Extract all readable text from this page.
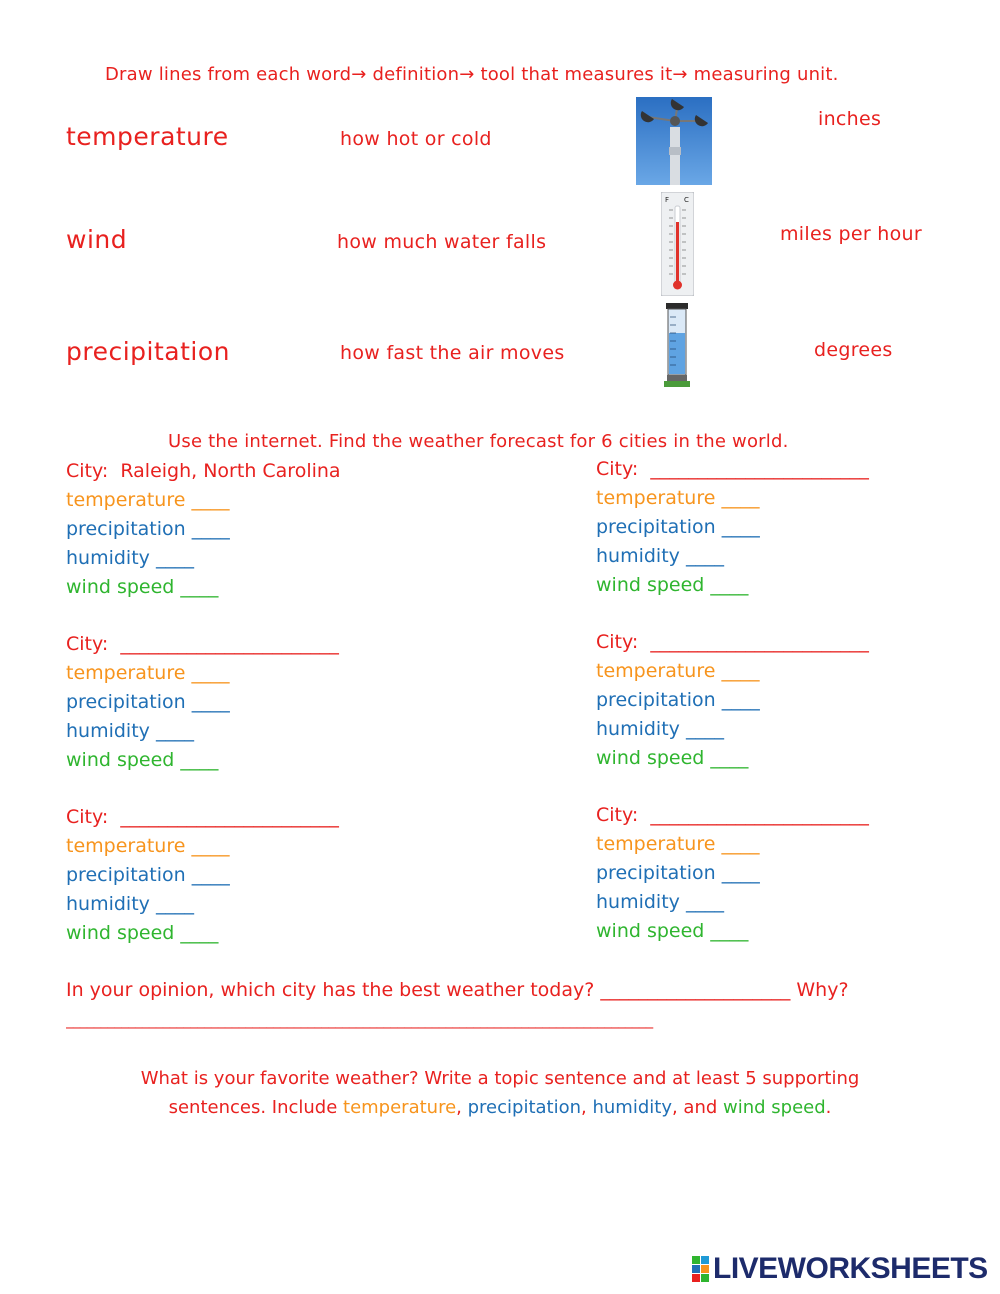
Draw lines from each word→ definition→ tool that measures it→ measuring unit.
temperature
wind
precipitation
how hot or cold
how much water falls
how fast the air moves
F C
inches
miles per hour
degrees
Use the internet. Find the weather forecast for 6 cities in the world.
City: Raleigh, North Carolina
temperature ____
precipitation ____
humidity ____
wind speed ____
City: _______________________
temperature ____
precipitation ____
humidity ____
wind speed ____
City: _______________________
temperature ____
precipitation ____
humidity ____
wind speed ____
City: _______________________
temperature ____
precipitation ____
humidity ____
wind speed ____
City: _______________________
temperature ____
precipitation ____
humidity ____
wind speed ____
City: _______________________
temperature ____
precipitation ____
humidity ____
wind speed ____
In your opinion, which city has the best weather today? ____________________ Why?
_____________________________________________________________________________________
What is your favorite weather? Write a topic sentence and at least 5 supporting
sentences. Include temperature, precipitation, humidity, and wind speed.
LIVEWORKSHEETS
